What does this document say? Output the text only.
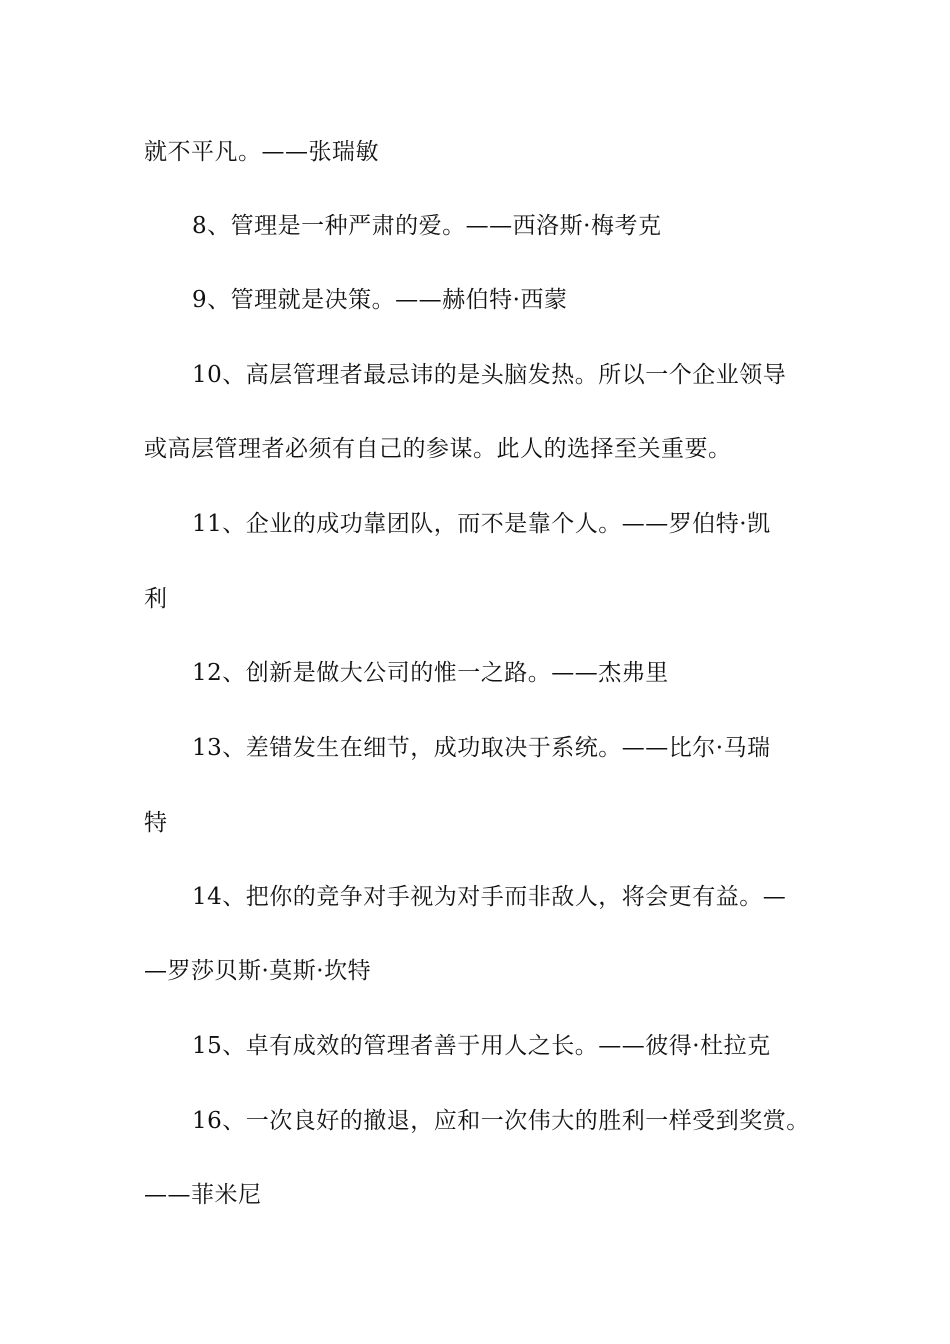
就不平凡。——张瑞敏
8、管理是一种严肃的爱。——西洛斯·梅考克
9、管理就是决策。——赫伯特·西蒙
10、高层管理者最忌讳的是头脑发热。所以一个企业领导
或高层管理者必须有自己的参谋。此人的选择至关重要。
11、企业的成功靠团队，而不是靠个人。——罗伯特·凯
利
12、创新是做大公司的惟一之路。——杰弗里
13、差错发生在细节，成功取决于系统。——比尔·马瑞
特
14、把你的竞争对手视为对手而非敌人，将会更有益。—
—罗莎贝斯·莫斯·坎特
15、卓有成效的管理者善于用人之长。——彼得·杜拉克
16、一次良好的撤退，应和一次伟大的胜利一样受到奖赏。
——菲米尼
